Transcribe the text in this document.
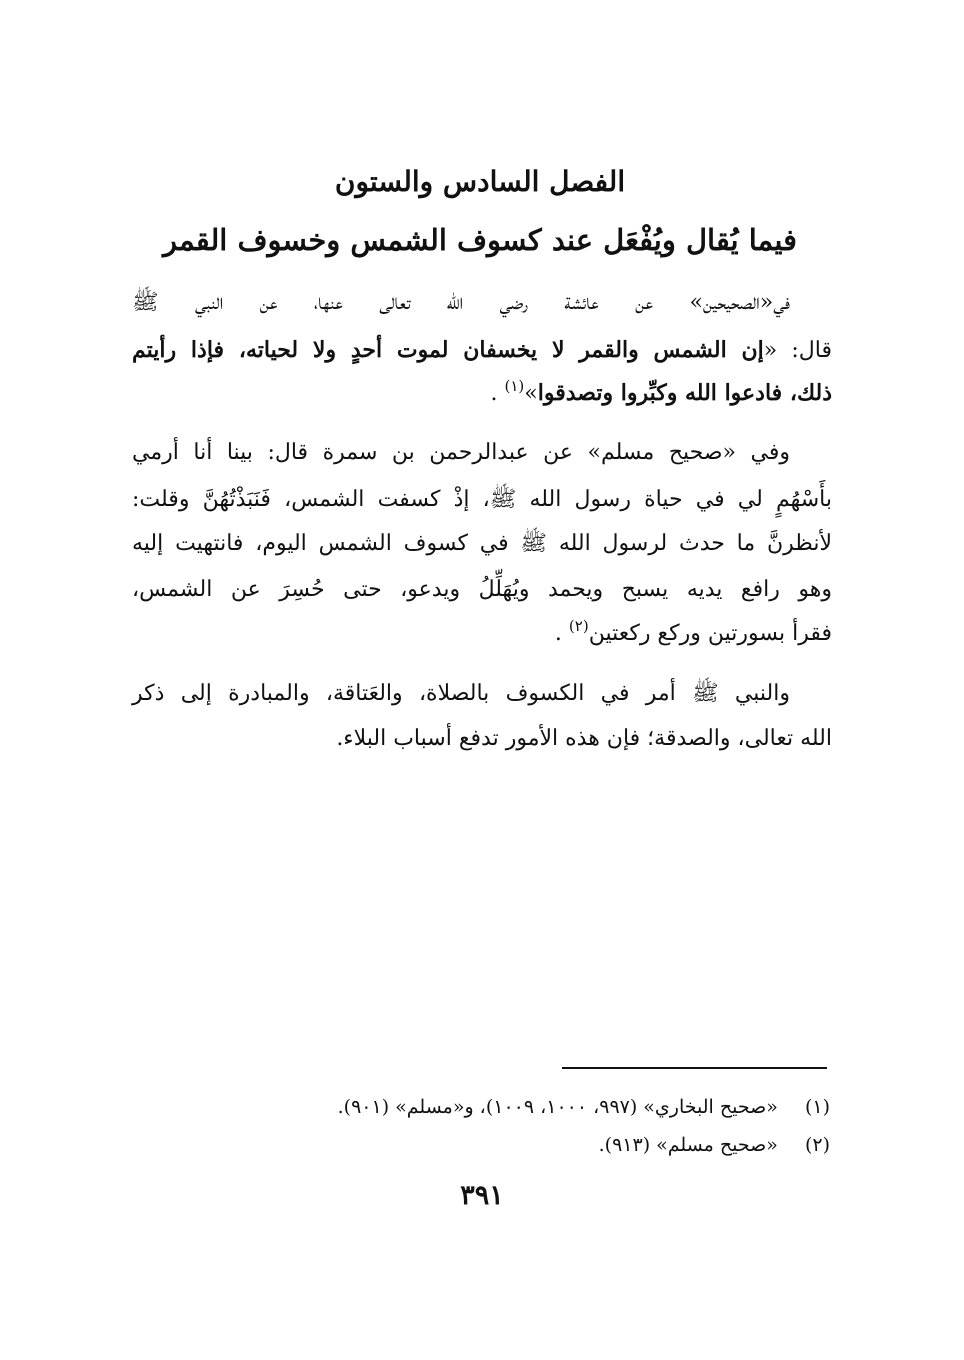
الفصل السادس والستون
فيما يُقال ويُفْعَل عند كسوف الشمس وخسوف القمر
في«الصحيحين» عن عائشة رضي الله تعالى عنها، عن النبي ﷺ
قال: «إن الشمس والقمر لا يخسفان لموت أحدٍ ولا لحياته، فإذا رأيتم
ذلك، فادعوا الله وكبِّروا وتصدقوا»$^{(١)}$ .
وفي «صحيح مسلم» عن عبدالرحمن بن سمرة قال: بينا أنا أرمي
بأَسْهُمٍ لي في حياة رسول الله ﷺ، إذْ كسفت الشمس، فَنَبَذْتُهُنَّ وقلت:
لأنظرنَّ ما حدث لرسول الله ﷺ في كسوف الشمس اليوم، فانتهيت إليه
وهو رافع يديه يسبح ويحمد ويُهَلِّلُ ويدعو، حتى حُسِرَ عن الشمس،
فقرأ بسورتين وركع ركعتين$^{(٢)}$ .
والنبي ﷺ أمر في الكسوف بالصلاة، والعَتاقة، والمبادرة إلى ذكر
الله تعالى، والصدقة؛ فإن هذه الأمور تدفع أسباب البلاء.
(١)  «صحيح البخاري» (٩٩٧، ١٠٠٠، ١٠٠٩)، و«مسلم» (٩٠١).
(٢)  «صحيح مسلم» (٩١٣).
٣٩١
